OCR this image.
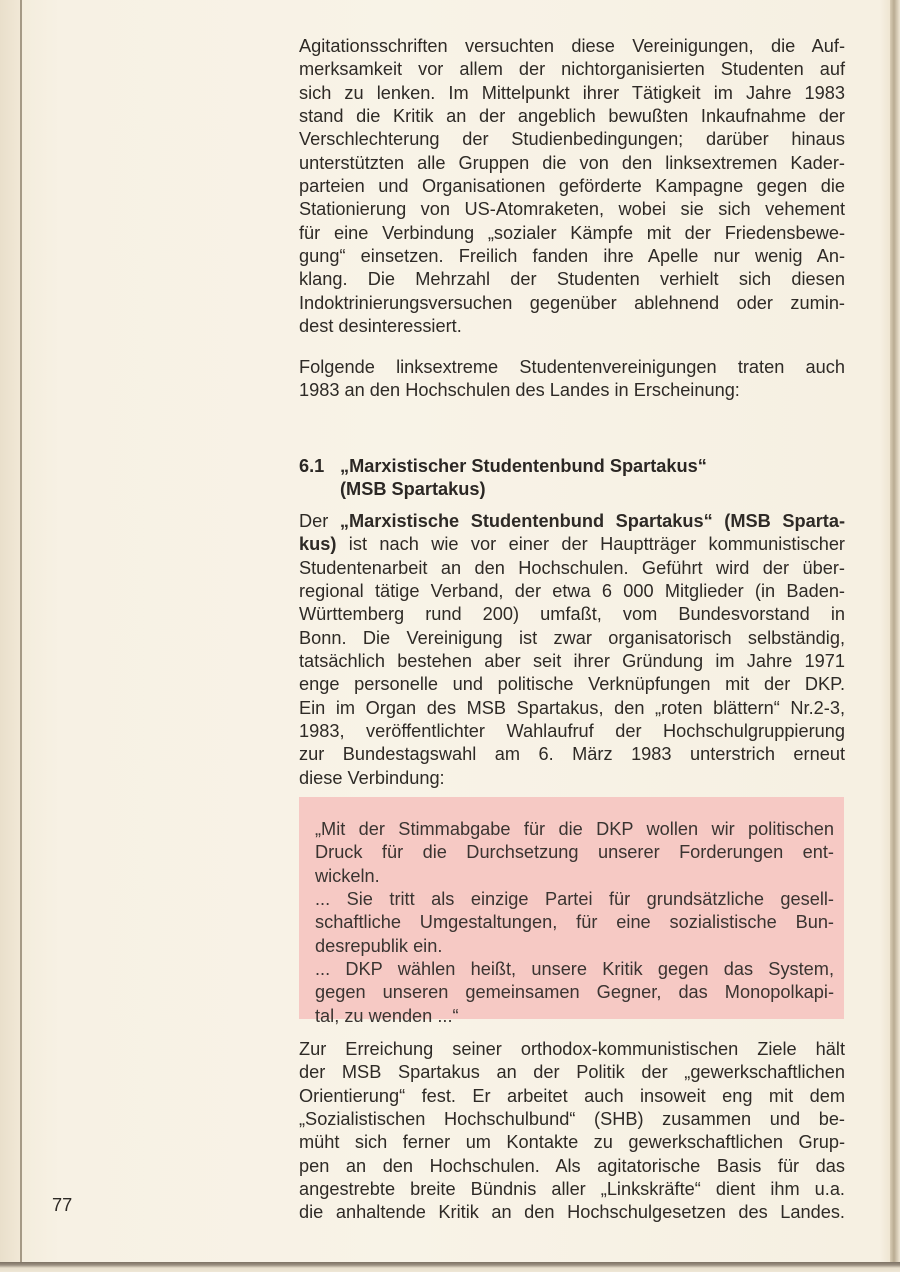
Agitationsschriften versuchten diese Vereinigungen, die Auf-
merksamkeit vor allem der nichtorganisierten Studenten auf
sich zu lenken. Im Mittelpunkt ihrer Tätigkeit im Jahre 1983
stand die Kritik an der angeblich bewußten Inkaufnahme der
Verschlechterung der Studienbedingungen; darüber hinaus
unterstützten alle Gruppen die von den linksextremen Kader-
parteien und Organisationen geförderte Kampagne gegen die
Stationierung von US-Atomraketen, wobei sie sich vehement
für eine Verbindung „sozialer Kämpfe mit der Friedensbewe-
gung“ einsetzen. Freilich fanden ihre Apelle nur wenig An-
klang. Die Mehrzahl der Studenten verhielt sich diesen
Indoktrinierungsversuchen gegenüber ablehnend oder zumin-
dest desinteressiert.
Folgende linksextreme Studentenvereinigungen traten auch
1983 an den Hochschulen des Landes in Erscheinung:
6.1 „Marxistischer Studentenbund Spartakus“
(MSB Spartakus)
Der „Marxistische Studentenbund Spartakus“ (MSB Sparta-
kus) ist nach wie vor einer der Hauptträger kommunistischer
Studentenarbeit an den Hochschulen. Geführt wird der über-
regional tätige Verband, der etwa 6 000 Mitglieder (in Baden-
Württemberg rund 200) umfaßt, vom Bundesvorstand in
Bonn. Die Vereinigung ist zwar organisatorisch selbständig,
tatsächlich bestehen aber seit ihrer Gründung im Jahre 1971
enge personelle und politische Verknüpfungen mit der DKP.
Ein im Organ des MSB Spartakus, den „roten blättern“ Nr.2-3,
1983, veröffentlichter Wahlaufruf der Hochschulgruppierung
zur Bundestagswahl am 6. März 1983 unterstrich erneut
diese Verbindung:
„Mit der Stimmabgabe für die DKP wollen wir politischen
Druck für die Durchsetzung unserer Forderungen ent-
wickeln.
... Sie tritt als einzige Partei für grundsätzliche gesell-
schaftliche Umgestaltungen, für eine sozialistische Bun-
desrepublik ein.
... DKP wählen heißt, unsere Kritik gegen das System,
gegen unseren gemeinsamen Gegner, das Monopolkapi-
tal, zu wenden ...“
Zur Erreichung seiner orthodox-kommunistischen Ziele hält
der MSB Spartakus an der Politik der „gewerkschaftlichen
Orientierung“ fest. Er arbeitet auch insoweit eng mit dem
„Sozialistischen Hochschulbund“ (SHB) zusammen und be-
müht sich ferner um Kontakte zu gewerkschaftlichen Grup-
pen an den Hochschulen. Als agitatorische Basis für das
angestrebte breite Bündnis aller „Linkskräfte“ dient ihm u.a.
die anhaltende Kritik an den Hochschulgesetzen des Landes.
77
